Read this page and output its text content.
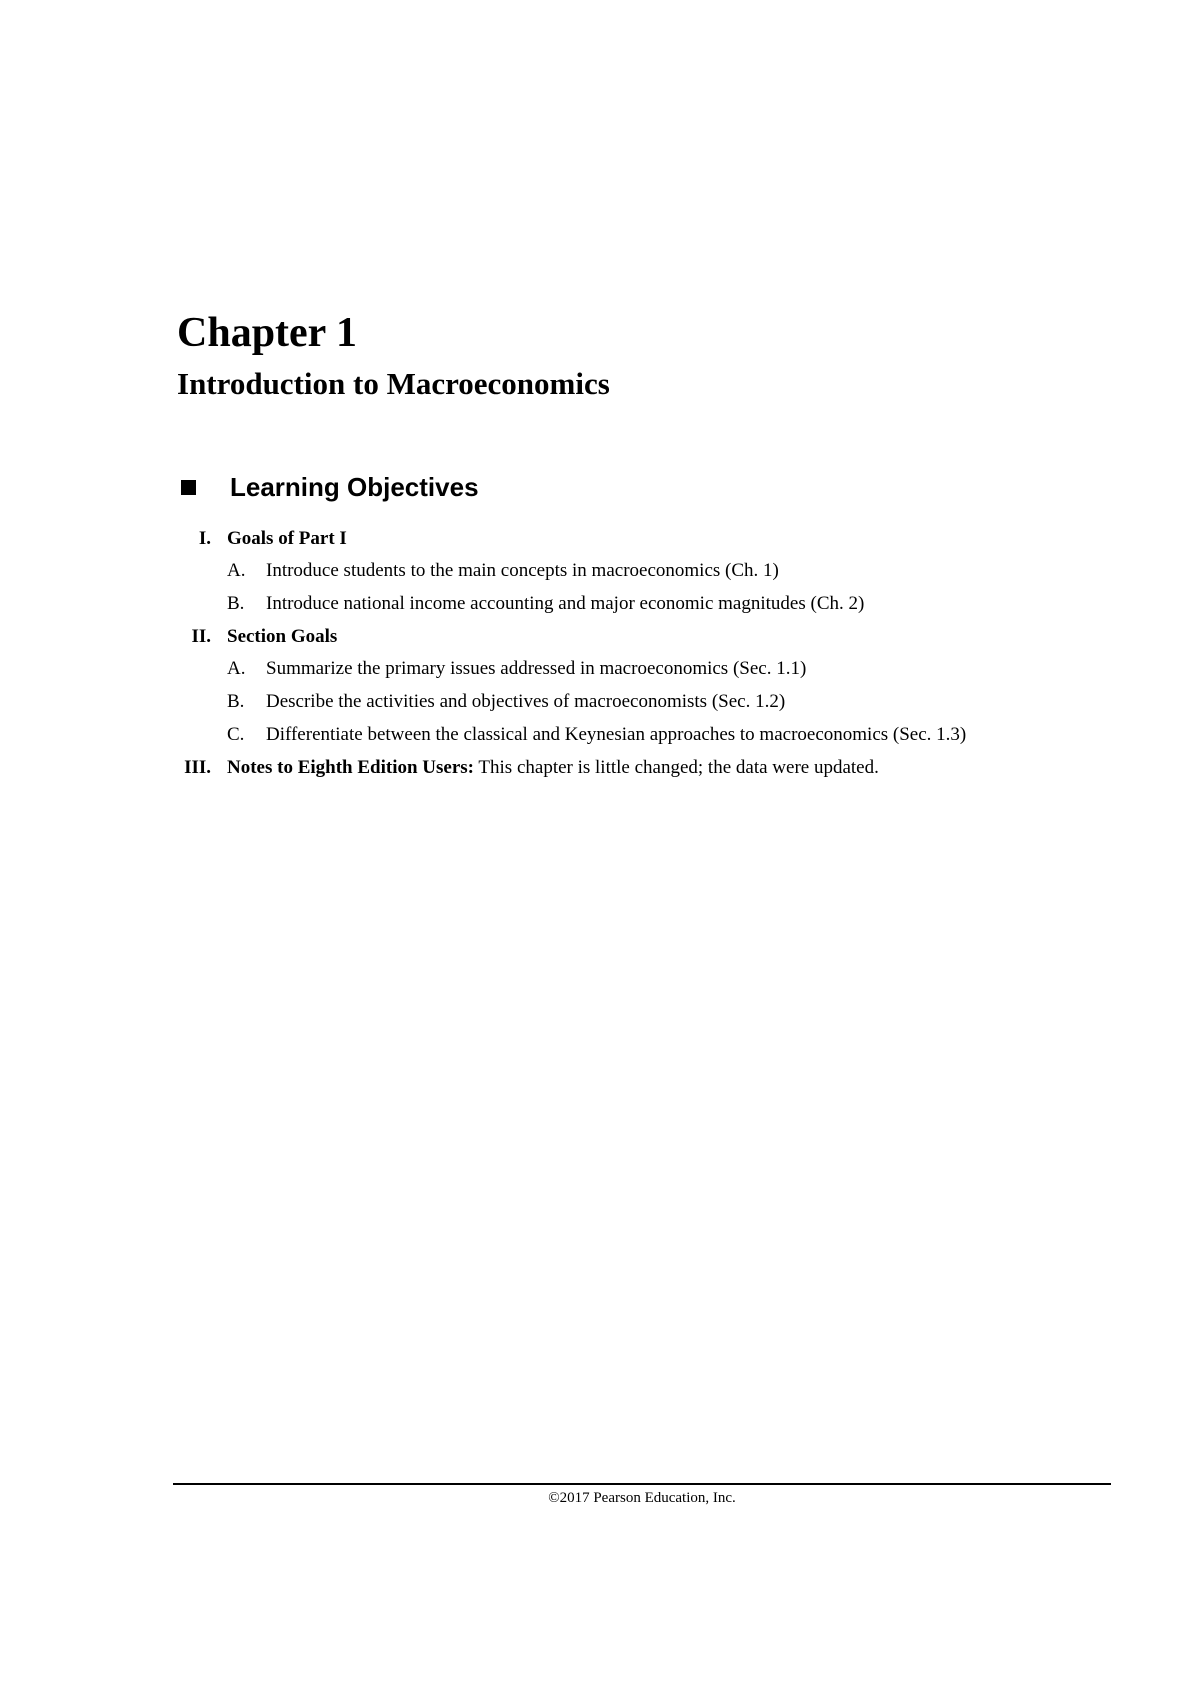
Chapter 1
Introduction to Macroeconomics
Learning Objectives
I. Goals of Part I
A. Introduce students to the main concepts in macroeconomics (Ch. 1)
B. Introduce national income accounting and major economic magnitudes (Ch. 2)
II. Section Goals
A. Summarize the primary issues addressed in macroeconomics (Sec. 1.1)
B. Describe the activities and objectives of macroeconomists (Sec. 1.2)
C. Differentiate between the classical and Keynesian approaches to macroeconomics (Sec. 1.3)
III. Notes to Eighth Edition Users: This chapter is little changed; the data were updated.
©2017 Pearson Education, Inc.
